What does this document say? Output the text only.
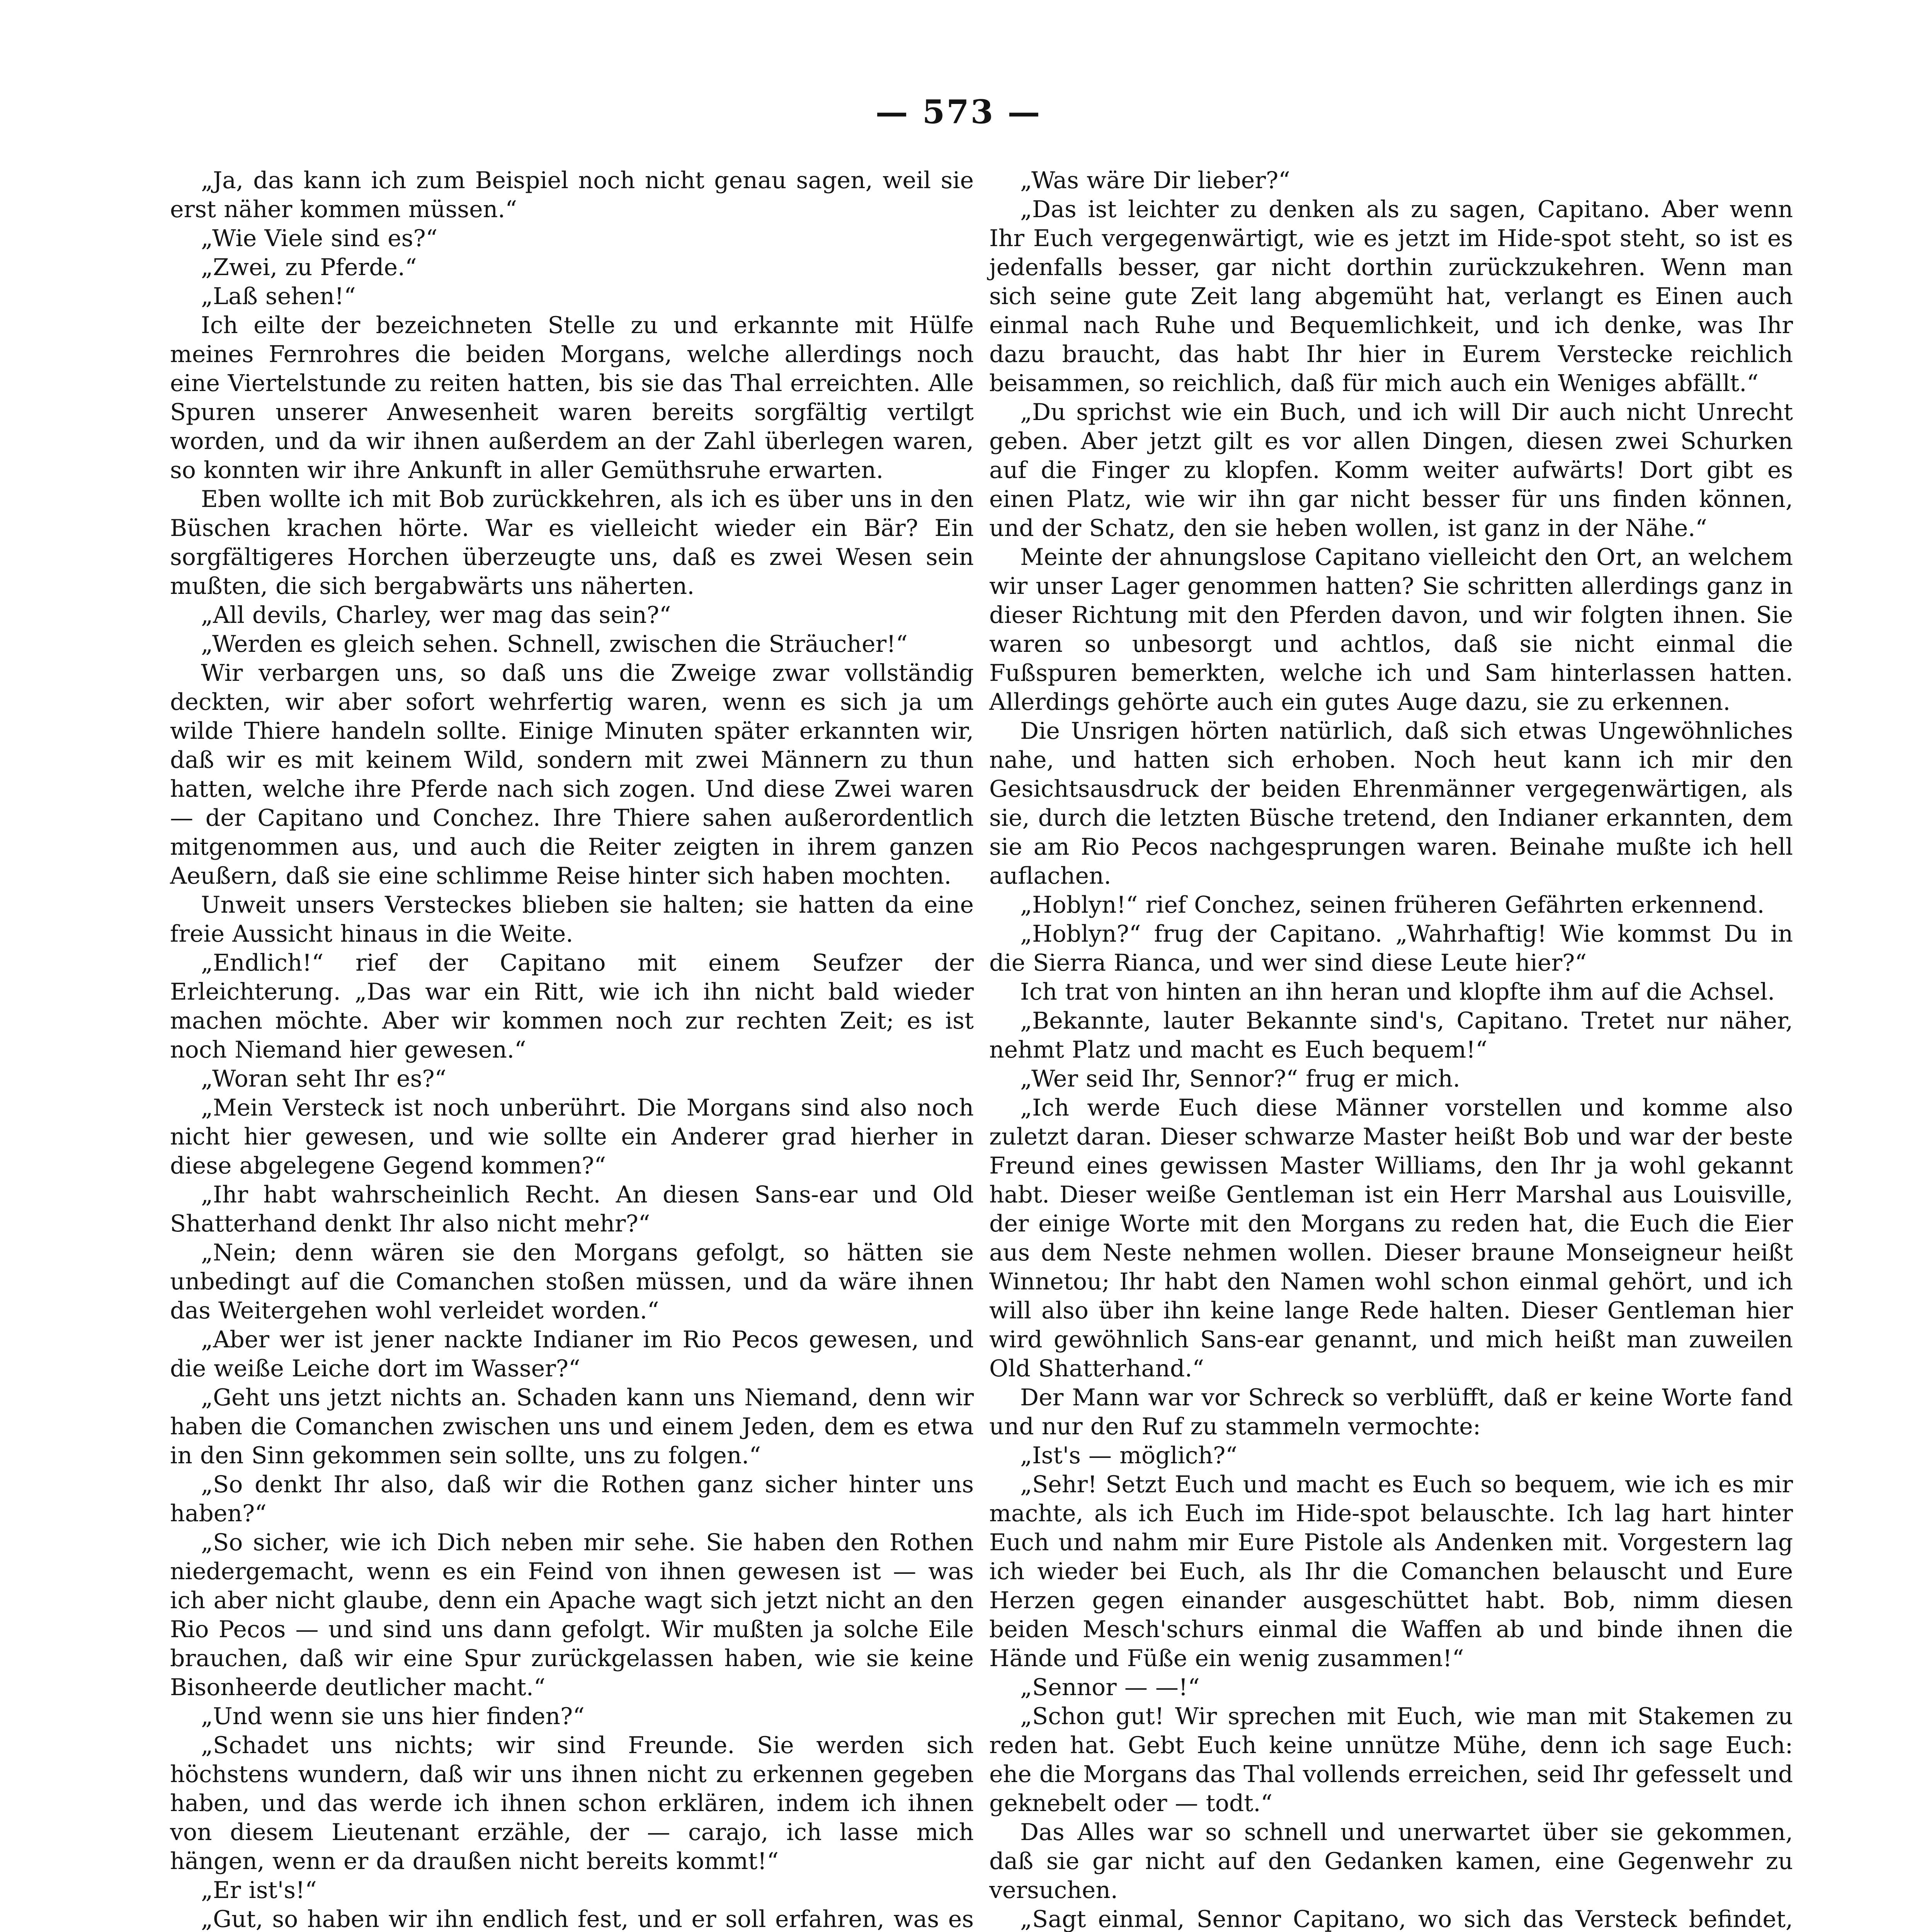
— 573 —

„Ja, das kann ich zum Beispiel noch nicht genau sagen, weil sie erst näher kommen müssen.“

„Wie Viele sind es?“

„Zwei, zu Pferde.“

„Laß sehen!“

Ich eilte der bezeichneten Stelle zu und erkannte mit Hülfe meines Fernrohres die beiden Morgans, welche allerdings noch eine Viertelstunde zu reiten hatten, bis sie das Thal erreichten. Alle Spuren unserer Anwesenheit waren bereits sorgfältig vertilgt worden, und da wir ihnen außerdem an der Zahl überlegen waren, so konnten wir ihre Ankunft in aller Gemüthsruhe erwarten.

Eben wollte ich mit Bob zurückkehren, als ich es über uns in den Büschen krachen hörte. War es vielleicht wieder ein Bär? Ein sorgfältigeres Horchen überzeugte uns, daß es zwei Wesen sein mußten, die sich bergabwärts uns näherten.

„All devils, Charley, wer mag das sein?“

„Werden es gleich sehen. Schnell, zwischen die Sträucher!“

Wir verbargen uns, so daß uns die Zweige zwar vollständig deckten, wir aber sofort wehrfertig waren, wenn es sich ja um wilde Thiere handeln sollte. Einige Minuten später erkannten wir, daß wir es mit keinem Wild, sondern mit zwei Männern zu thun hatten, welche ihre Pferde nach sich zogen. Und diese Zwei waren — der Capitano und Conchez. Ihre Thiere sahen außerordentlich mitgenommen aus, und auch die Reiter zeigten in ihrem ganzen Aeußern, daß sie eine schlimme Reise hinter sich haben mochten.

Unweit unsers Versteckes blieben sie halten; sie hatten da eine freie Aussicht hinaus in die Weite.

„Endlich!“ rief der Capitano mit einem Seufzer der Erleichterung. „Das war ein Ritt, wie ich ihn nicht bald wieder machen möchte. Aber wir kommen noch zur rechten Zeit; es ist noch Niemand hier gewesen.“

„Woran seht Ihr es?“

„Mein Versteck ist noch unberührt. Die Morgans sind also noch nicht hier gewesen, und wie sollte ein Anderer grad hierher in diese abgelegene Gegend kommen?“

„Ihr habt wahrscheinlich Recht. An diesen Sans-ear und Old Shatterhand denkt Ihr also nicht mehr?“

„Nein; denn wären sie den Morgans gefolgt, so hätten sie unbedingt auf die Comanchen stoßen müssen, und da wäre ihnen das Weitergehen wohl verleidet worden.“

„Aber wer ist jener nackte Indianer im Rio Pecos gewesen, und die weiße Leiche dort im Wasser?“

„Geht uns jetzt nichts an. Schaden kann uns Niemand, denn wir haben die Comanchen zwischen uns und einem Jeden, dem es etwa in den Sinn gekommen sein sollte, uns zu folgen.“

„So denkt Ihr also, daß wir die Rothen ganz sicher hinter uns haben?“

„So sicher, wie ich Dich neben mir sehe. Sie haben den Rothen niedergemacht, wenn es ein Feind von ihnen gewesen ist — was ich aber nicht glaube, denn ein Apache wagt sich jetzt nicht an den Rio Pecos — und sind uns dann gefolgt. Wir mußten ja solche Eile brauchen, daß wir eine Spur zurückgelassen haben, wie sie keine Bisonheerde deutlicher macht.“

„Und wenn sie uns hier finden?“

„Schadet uns nichts; wir sind Freunde. Sie werden sich höchstens wundern, daß wir uns ihnen nicht zu erkennen gegeben haben, und das werde ich ihnen schon erklären, indem ich ihnen von diesem Lieutenant erzähle, der — carajo, ich lasse mich hängen, wenn er da draußen nicht bereits kommt!“

„Er ist's!“

„Gut, so haben wir ihn endlich fest, und er soll erfahren, was es

„Was wäre Dir lieber?“

„Das ist leichter zu denken als zu sagen, Capitano. Aber wenn Ihr Euch vergegenwärtigt, wie es jetzt im Hide-spot steht, so ist es jedenfalls besser, gar nicht dorthin zurückzukehren. Wenn man sich seine gute Zeit lang abgemüht hat, verlangt es Einen auch einmal nach Ruhe und Bequemlichkeit, und ich denke, was Ihr dazu braucht, das habt Ihr hier in Eurem Verstecke reichlich beisammen, so reichlich, daß für mich auch ein Weniges abfällt.“

„Du sprichst wie ein Buch, und ich will Dir auch nicht Unrecht geben. Aber jetzt gilt es vor allen Dingen, diesen zwei Schurken auf die Finger zu klopfen. Komm weiter aufwärts! Dort gibt es einen Platz, wie wir ihn gar nicht besser für uns finden können, und der Schatz, den sie heben wollen, ist ganz in der Nähe.“

Meinte der ahnungslose Capitano vielleicht den Ort, an welchem wir unser Lager genommen hatten? Sie schritten allerdings ganz in dieser Richtung mit den Pferden davon, und wir folgten ihnen. Sie waren so unbesorgt und achtlos, daß sie nicht einmal die Fußspuren bemerkten, welche ich und Sam hinterlassen hatten. Allerdings gehörte auch ein gutes Auge dazu, sie zu erkennen.

Die Unsrigen hörten natürlich, daß sich etwas Ungewöhnliches nahe, und hatten sich erhoben. Noch heut kann ich mir den Gesichtsausdruck der beiden Ehrenmänner vergegenwärtigen, als sie, durch die letzten Büsche tretend, den Indianer erkannten, dem sie am Rio Pecos nachgesprungen waren. Beinahe mußte ich hell auflachen.

„Hoblyn!“ rief Conchez, seinen früheren Gefährten erkennend.

„Hoblyn?“ frug der Capitano. „Wahrhaftig! Wie kommst Du in die Sierra Rianca, und wer sind diese Leute hier?“

Ich trat von hinten an ihn heran und klopfte ihm auf die Achsel.

„Bekannte, lauter Bekannte sind's, Capitano. Tretet nur näher, nehmt Platz und macht es Euch bequem!“

„Wer seid Ihr, Sennor?“ frug er mich.

„Ich werde Euch diese Männer vorstellen und komme also zuletzt daran. Dieser schwarze Master heißt Bob und war der beste Freund eines gewissen Master Williams, den Ihr ja wohl gekannt habt. Dieser weiße Gentleman ist ein Herr Marshal aus Louisville, der einige Worte mit den Morgans zu reden hat, die Euch die Eier aus dem Neste nehmen wollen. Dieser braune Monseigneur heißt Winnetou; Ihr habt den Namen wohl schon einmal gehört, und ich will also über ihn keine lange Rede halten. Dieser Gentleman hier wird gewöhnlich Sans-ear genannt, und mich heißt man zuweilen Old Shatterhand.“

Der Mann war vor Schreck so verblüfft, daß er keine Worte fand und nur den Ruf zu stammeln vermochte:

„Ist's — möglich?“

„Sehr! Setzt Euch und macht es Euch so bequem, wie ich es mir machte, als ich Euch im Hide-spot belauschte. Ich lag hart hinter Euch und nahm mir Eure Pistole als Andenken mit. Vorgestern lag ich wieder bei Euch, als Ihr die Comanchen belauscht und Eure Herzen gegen einander ausgeschüttet habt. Bob, nimm diesen beiden Mesch'schurs einmal die Waffen ab und binde ihnen die Hände und Füße ein wenig zusammen!“

„Sennor — —!“

„Schon gut! Wir sprechen mit Euch, wie man mit Stakemen zu reden hat. Gebt Euch keine unnütze Mühe, denn ich sage Euch: ehe die Morgans das Thal vollends erreichen, seid Ihr gefesselt und geknebelt oder — todt.“

Das Alles war so schnell und unerwartet über sie gekommen, daß sie gar nicht auf den Gedanken kamen, eine Gegenwehr zu versuchen.

„Sagt einmal, Sennor Capitano, wo sich das Versteck befindet,
